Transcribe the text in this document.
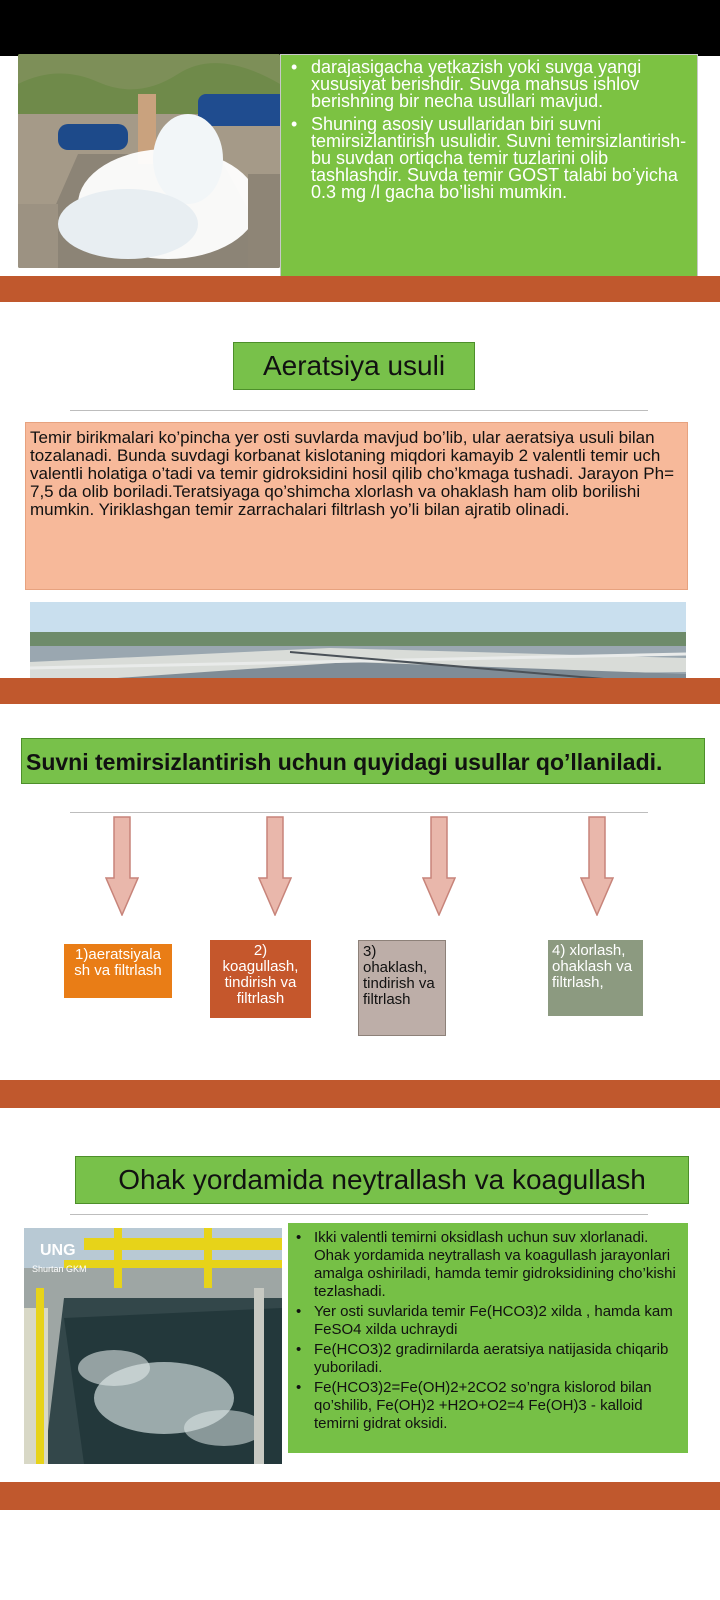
• darajasigacha yetkazish yoki suvga yangi xususiyat berishdir. Suvga mahsus ishlov berishning bir necha usullari mavjud.
• Shuning asosiy usullaridan biri suvni temirsizlantirish usulidir. Suvni temirsizlantirish- bu suvdan ortiqcha temir tuzlarini olib tashlashdir. Suvda temir GOST talabi bo’yicha 0.3 mg /l gacha bo’lishi mumkin.
Aeratsiya usuli
Temir birikmalari ko’pincha yer osti suvlarda mavjud bo’lib, ular aeratsiya usuli bilan tozalanadi. Bunda suvdagi korbanat kislotaning miqdori kamayib 2 valentli temir uch valentli holatiga o’tadi va temir gidroksidini hosil qilib cho’kmaga tushadi. Jarayon Ph= 7,5 da olib boriladi.Teratsiyaga qo’shimcha xlorlash va ohaklash ham olib borilishi mumkin. Yiriklashgan temir zarrachalari filtrlash yo’li bilan ajratib olinadi.
Suvni temirsizlantirish uchun quyidagi usullar qo’llaniladi.
1)aeratsiyala sh va filtrlash
2) koagullash, tindirish va filtrlash
3) ohaklash, tindirish va filtrlash
4) xlorlash, ohaklash va filtrlash,
Ohak yordamida neytrallash va koagullash
UNG
Shurtan GKM
• Ikki valentli temirni oksidlash uchun suv xlorlanadi. Ohak yordamida neytrallash va koagullash jarayonlari amalga oshiriladi, hamda temir gidroksidining cho’kishi tezlashadi.
• Yer osti suvlarida temir Fe(HCO3)2 xilda , hamda kam FeSO4 xilda uchraydi
• Fe(HCO3)2 gradirnilarda aeratsiya natijasida chiqarib yuboriladi.
• Fe(HCO3)2=Fe(OH)2+2CO2 so’ngra kislorod bilan qo’shilib, Fe(OH)2 +H2O+O2=4 Fe(OH)3 - kalloid temirni gidrat oksidi.
